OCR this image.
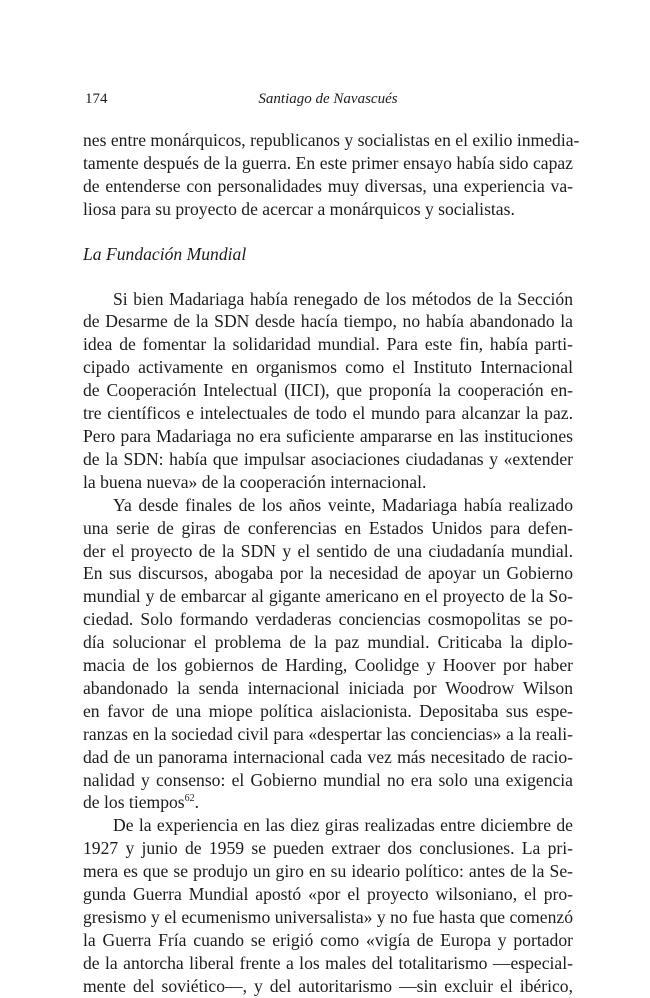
174	Santiago de Navascués

nes entre monárquicos, republicanos y socialistas en el exilio inmedia-
tamente después de la guerra. En este primer ensayo había sido capaz
de entenderse con personalidades muy diversas, una experiencia va-
liosa para su proyecto de acercar a monárquicos y socialistas.

La Fundación Mundial

Si bien Madariaga había renegado de los métodos de la Sección
de Desarme de la SDN desde hacía tiempo, no había abandonado la
idea de fomentar la solidaridad mundial. Para este fin, había parti-
cipado activamente en organismos como el Instituto Internacional
de Cooperación Intelectual (IICI), que proponía la cooperación en-
tre científicos e intelectuales de todo el mundo para alcanzar la paz.
Pero para Madariaga no era suficiente ampararse en las instituciones
de la SDN: había que impulsar asociaciones ciudadanas y «extender
la buena nueva» de la cooperación internacional.

Ya desde finales de los años veinte, Madariaga había realizado
una serie de giras de conferencias en Estados Unidos para defen-
der el proyecto de la SDN y el sentido de una ciudadanía mundial.
En sus discursos, abogaba por la necesidad de apoyar un Gobierno
mundial y de embarcar al gigante americano en el proyecto de la So-
ciedad. Solo formando verdaderas conciencias cosmopolitas se po-
día solucionar el problema de la paz mundial. Criticaba la diplo-
macia de los gobiernos de Harding, Coolidge y Hoover por haber
abandonado la senda internacional iniciada por Woodrow Wilson
en favor de una miope política aislacionista. Depositaba sus espe-
ranzas en la sociedad civil para «despertar las conciencias» a la reali-
dad de un panorama internacional cada vez más necesitado de racio-
nalidad y consenso: el Gobierno mundial no era solo una exigencia
de los tiempos$^{62}$.

De la experiencia en las diez giras realizadas entre diciembre de
1927 y junio de 1959 se pueden extraer dos conclusiones. La pri-
mera es que se produjo un giro en su ideario político: antes de la Se-
gunda Guerra Mundial apostó «por el proyecto wilsoniano, el pro-
gresismo y el ecumenismo universalista» y no fue hasta que comenzó
la Guerra Fría cuando se erigió como «vigía de Europa y portador
de la antorcha liberal frente a los males del totalitarismo —especial-
mente del soviético—, y del autoritarismo —sin excluir el ibérico,
